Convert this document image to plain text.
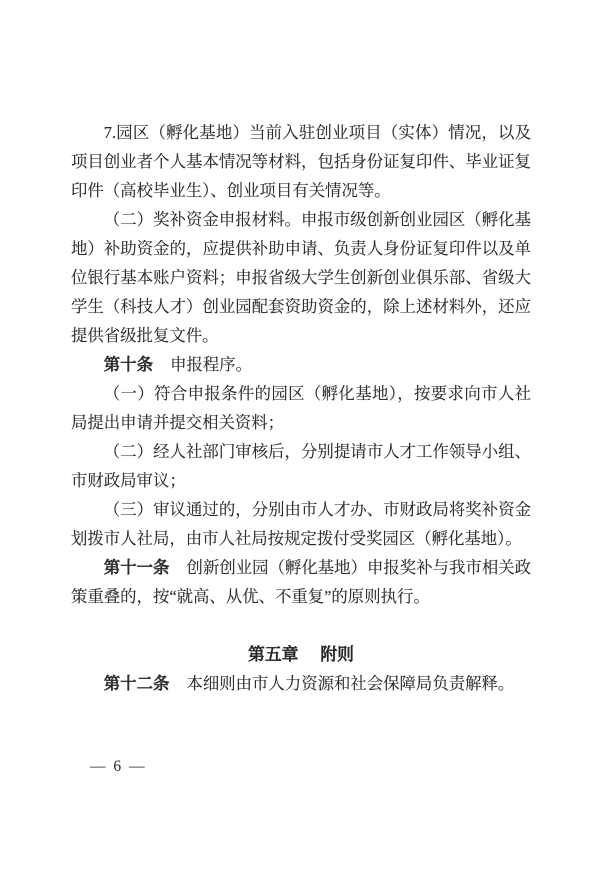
7.园区（孵化基地）当前入驻创业项目（实体）情况，以及项目创业者个人基本情况等材料，包括身份证复印件、毕业证复印件（高校毕业生）、创业项目有关情况等。

（二）奖补资金申报材料。申报市级创新创业园区（孵化基地）补助资金的，应提供补助申请、负责人身份证复印件以及单位银行基本账户资料；申报省级大学生创新创业俱乐部、省级大学生（科技人才）创业园配套资助资金的，除上述材料外，还应提供省级批复文件。

第十条 申报程序。

（一）符合申报条件的园区（孵化基地），按要求向市人社局提出申请并提交相关资料；

（二）经人社部门审核后，分别提请市人才工作领导小组、市财政局审议；

（三）审议通过的，分别由市人才办、市财政局将奖补资金划拨市人社局，由市人社局按规定拨付受奖园区（孵化基地）。

第十一条 创新创业园（孵化基地）申报奖补与我市相关政策重叠的，按“就高、从优、不重复”的原则执行。

第五章 附则

第十二条 本细则由市人力资源和社会保障局负责解释。

— 6 —
